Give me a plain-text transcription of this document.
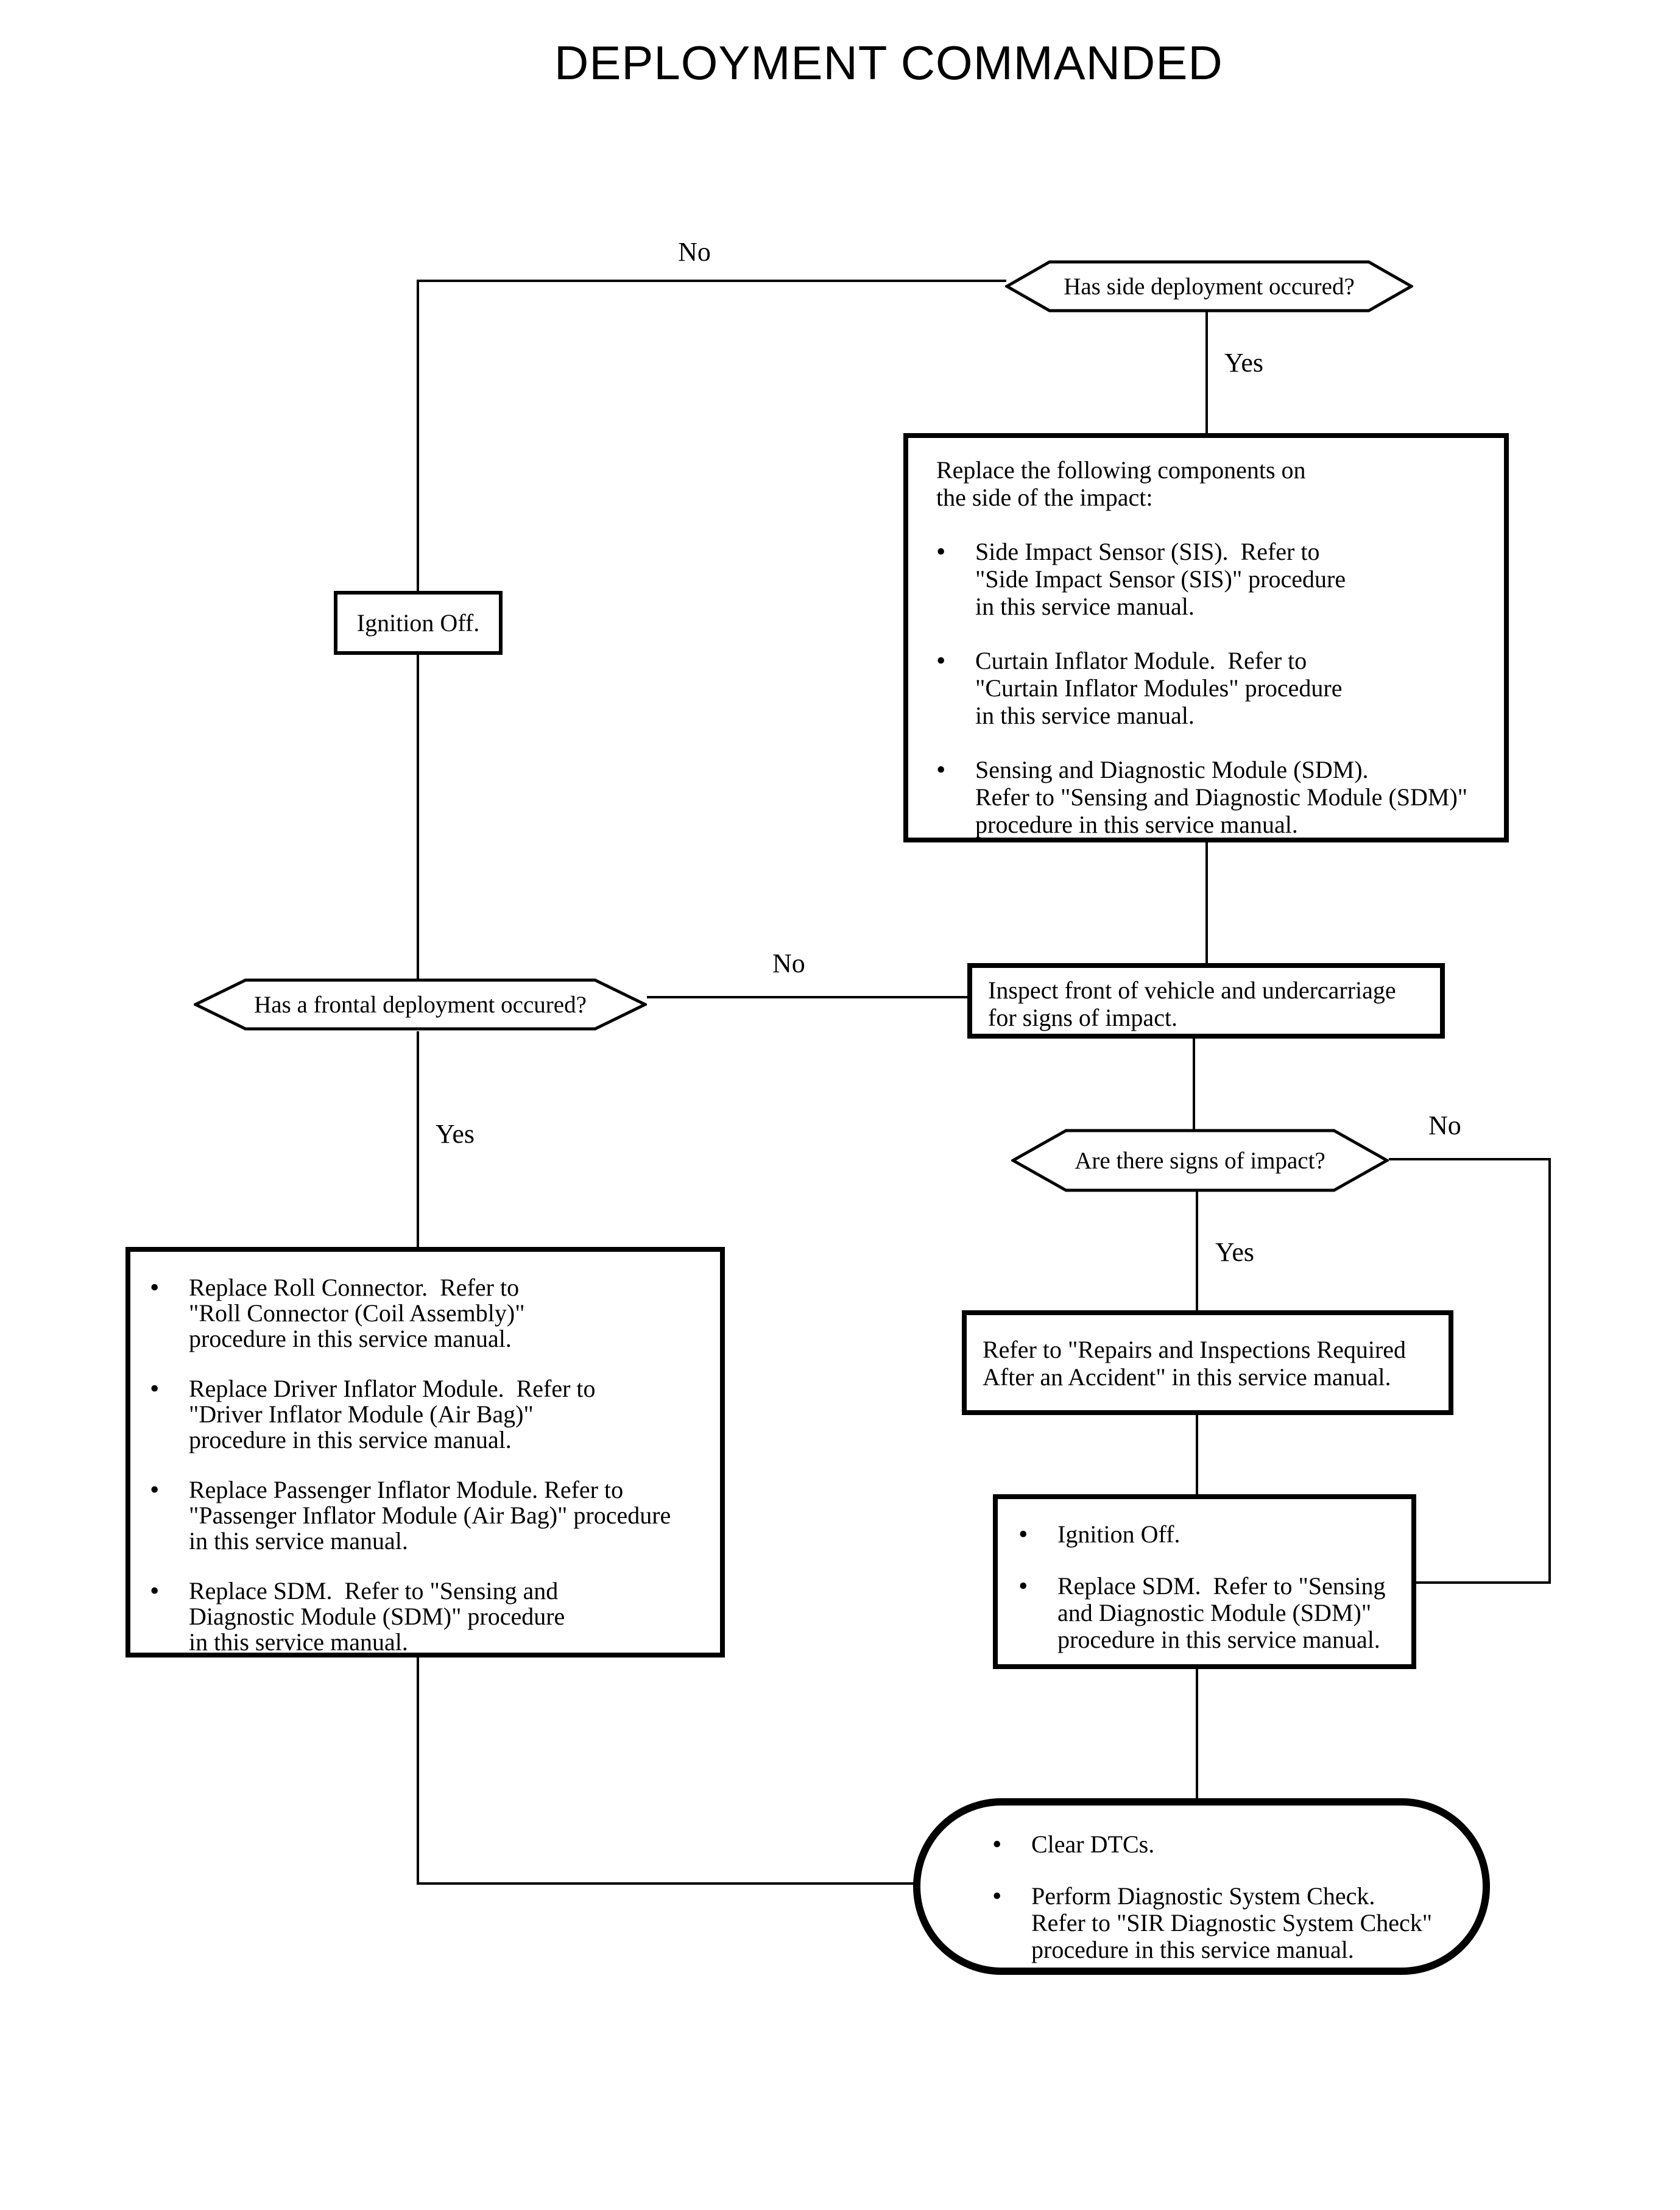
DEPLOYMENT COMMANDED
No
Yes
No
Yes	No
Yes
Has side deployment occured?
Has a frontal deployment occured?
Are there signs of impact?
Replace the following components on
the side of the impact:
•
Side Impact Sensor (SIS).  Refer to
"Side Impact Sensor (SIS)" procedure
in this service manual.
•
Curtain Inflator Module.  Refer to
"Curtain Inflator Modules" procedure
in this service manual.
•
Sensing and Diagnostic Module (SDM).
Refer to "Sensing and Diagnostic Module (SDM)"
procedure in this service manual.
Ignition Off.
Inspect front of vehicle and undercarriage
for signs of impact.
•
Replace Roll Connector.  Refer to
"Roll Connector (Coil Assembly)"
procedure in this service manual.
•
Replace Driver Inflator Module.  Refer to
"Driver Inflator Module (Air Bag)"
procedure in this service manual.
•
Replace Passenger Inflator Module. Refer to
"Passenger Inflator Module (Air Bag)" procedure
in this service manual.
•
Replace SDM.  Refer to "Sensing and
Diagnostic Module (SDM)" procedure
in this service manual.
Refer to "Repairs and Inspections Required
After an Accident" in this service manual.
•
Ignition Off.
•
Replace SDM.  Refer to "Sensing
and Diagnostic Module (SDM)"
procedure in this service manual.
•
Clear DTCs.
•
Perform Diagnostic System Check.
Refer to "SIR Diagnostic System Check"
procedure in this service manual.
